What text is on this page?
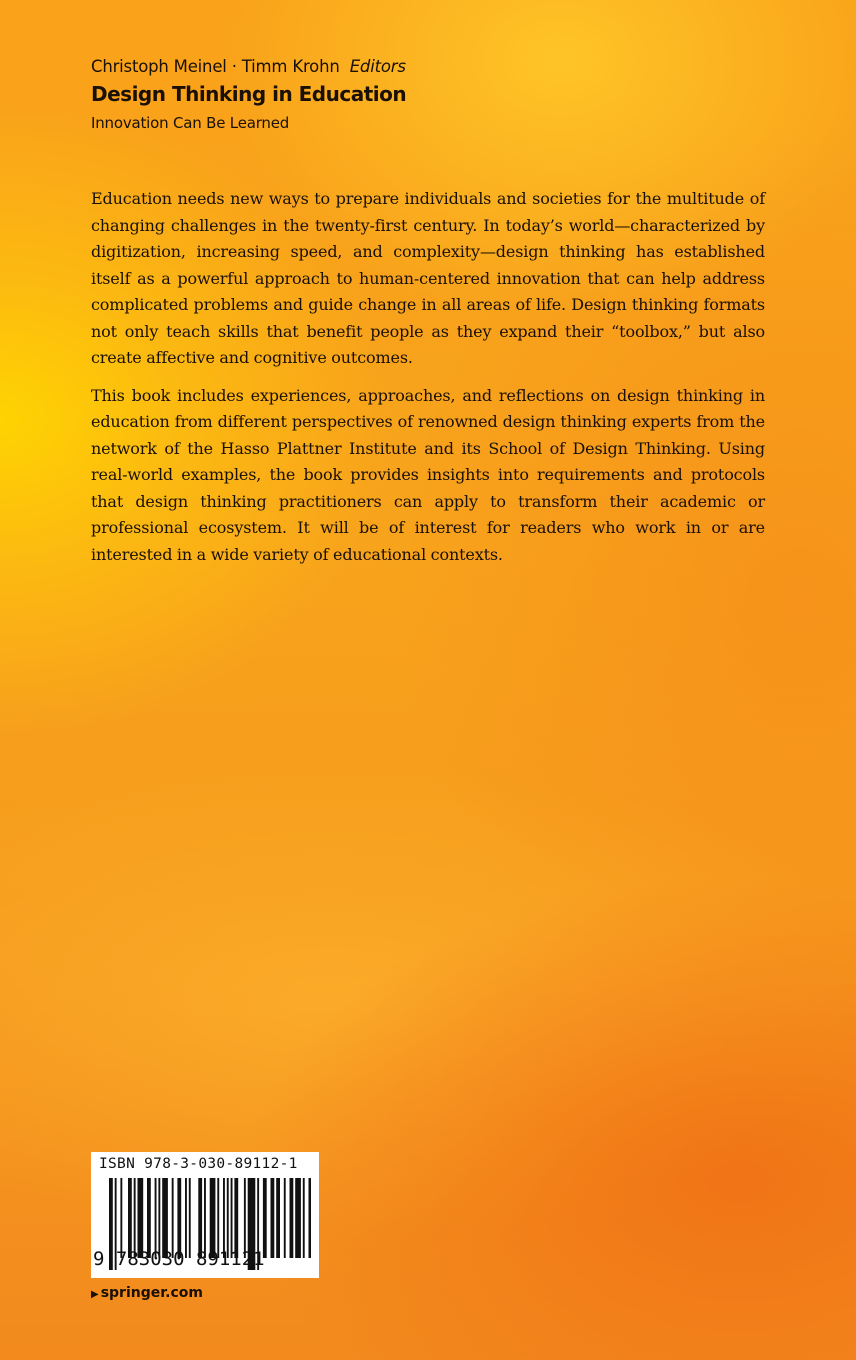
Christoph Meinel · Timm Krohn Editors
Design Thinking in Education
Innovation Can Be Learned

Education needs new ways to prepare individuals and societies for the multitude of changing challenges in the twenty-first century. In today’s world—characterized by digitization, increasing speed, and complexity—design thinking has established itself as a powerful approach to human-centered innovation that can help address complicated problems and guide change in all areas of life. Design thinking formats not only teach skills that benefit people as they expand their “toolbox,” but also create affective and cognitive outcomes.

This book includes experiences, approaches, and reflections on design thinking in education from different perspectives of renowned design thinking experts from the network of the Hasso Plattner Institute and its School of Design Thinking. Using real-world examples, the book provides insights into requirements and protocols that design thinking practitioners can apply to transform their academic or professional ecosystem. It will be of interest for readers who work in or are interested in a wide variety of educational contexts.

ISBN 978-3-030-89112-1
9 783030 891121
▶ springer.com
